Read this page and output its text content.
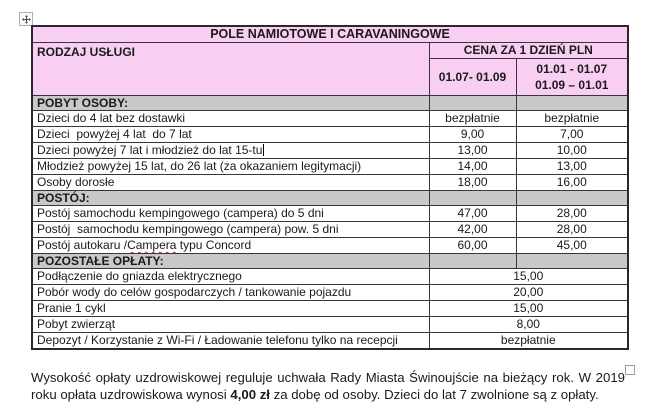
POLE NAMIOTOWE I CARAVANINGOWE		
RODZAJ USŁUGI	CENA ZA 1 DZIEŃ PLN	

	01.07- 01.09	01.01 - 01.07
01.09 – 01.01

POBYT OSOBY:		
Dzieci do 4 lat bez dostawki	bezpłatnie	bezpłatnie
Dzieci  powyżej 4 lat  do 7 lat	9,00	7,00
Dzieci powyżej 7 lat i młodzież do lat 15-tu	13,00	10,00
Młodzież powyżej 15 lat, do 26 lat (za okazaniem legitymacji)	14,00	13,00
Osoby dorosłe	18,00	16,00
POSTÓJ:		
Postój samochodu kempingowego (campera) do 5 dni	47,00	28,00
Postój  samochodu kempingowego (campera) pow. 5 dni	42,00	28,00
Postój autokaru /Campera typu Concord	60,00	45,00
POZOSTAŁE OPŁATY:		
Podłączenie do gniazda elektrycznego	15,00	
Pobór wody do celów gospodarczych / tankowanie pojazdu	20,00	
Pranie 1 cykl	15,00	
Pobyt zwierząt	8,00	
Depozyt / Korzystanie z Wi-Fi / Ładowanie telefonu tylko na recepcji	bezpłatnie	
Wysokość opłaty uzdrowiskowej reguluje uchwała Rady Miasta Świnoujście na bieżący rok. W 2019 roku opłata uzdrowiskowa wynosi 4,00 zł za dobę od osoby. Dzieci do lat 7 zwolnione są z opłaty.
